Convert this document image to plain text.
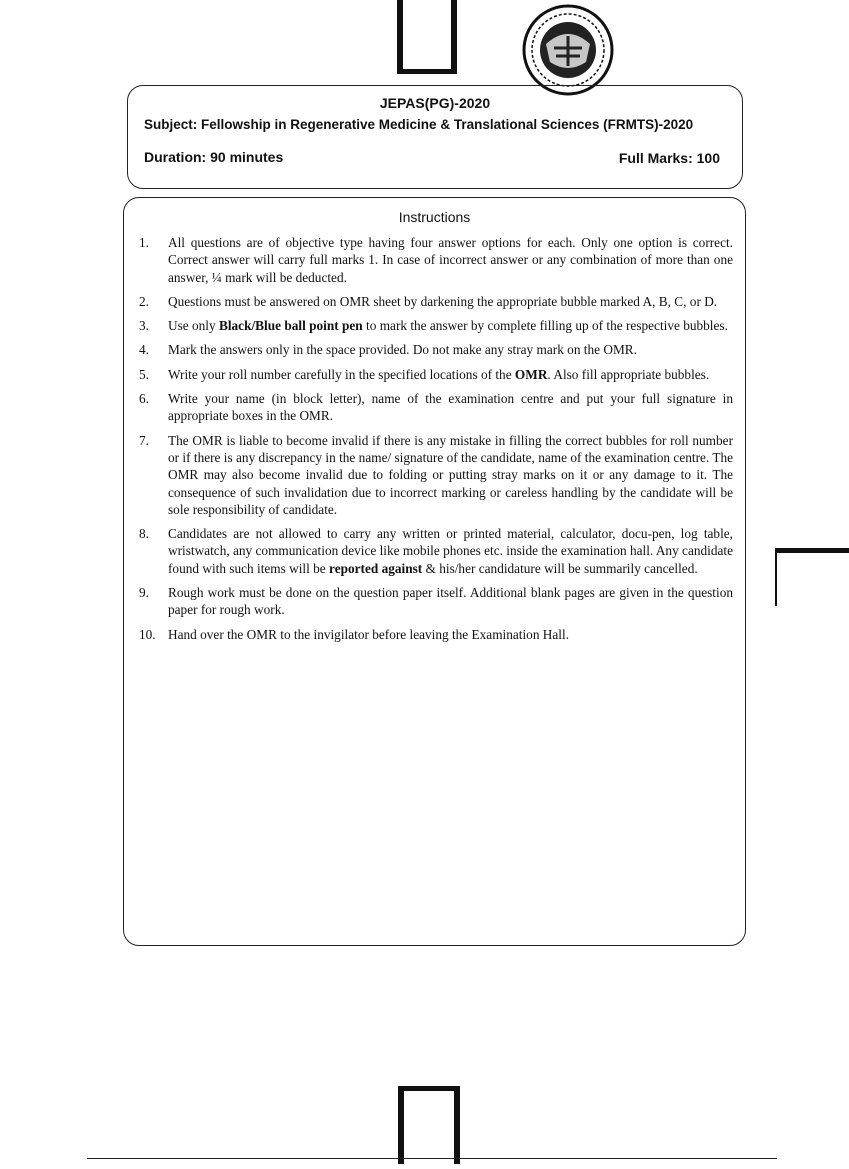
JEPAS(PG)-2020
Subject: Fellowship in Regenerative Medicine & Translational Sciences (FRMTS)-2020
Duration: 90 minutes	Full Marks: 100
Instructions
1.	All questions are of objective type having four answer options for each. Only one option is correct. Correct answer will carry full marks 1. In case of incorrect answer or any combination of more than one answer, ¼ mark will be deducted.
2.	Questions must be answered on OMR sheet by darkening the appropriate bubble marked A, B, C, or D.
3.	Use only Black/Blue ball point pen to mark the answer by complete filling up of the respective bubbles.
4.	Mark the answers only in the space provided. Do not make any stray mark on the OMR.
5.	Write your roll number carefully in the specified locations of the OMR. Also fill appropriate bubbles.
6.	Write your name (in block letter), name of the examination centre and put your full signature in appropriate boxes in the OMR.
7.	The OMR is liable to become invalid if there is any mistake in filling the correct bubbles for roll number or if there is any discrepancy in the name/ signature of the candidate, name of the examination centre. The OMR may also become invalid due to folding or putting stray marks on it or any damage to it. The consequence of such invalidation due to incorrect marking or careless handling by the candidate will be sole responsibility of candidate.
8.	Candidates are not allowed to carry any written or printed material, calculator, docu-pen, log table, wristwatch, any communication device like mobile phones etc. inside the examination hall. Any candidate found with such items will be reported against & his/her candidature will be summarily cancelled.
9.	Rough work must be done on the question paper itself. Additional blank pages are given in the question paper for rough work.
10. Hand over the OMR to the invigilator before leaving the Examination Hall.
